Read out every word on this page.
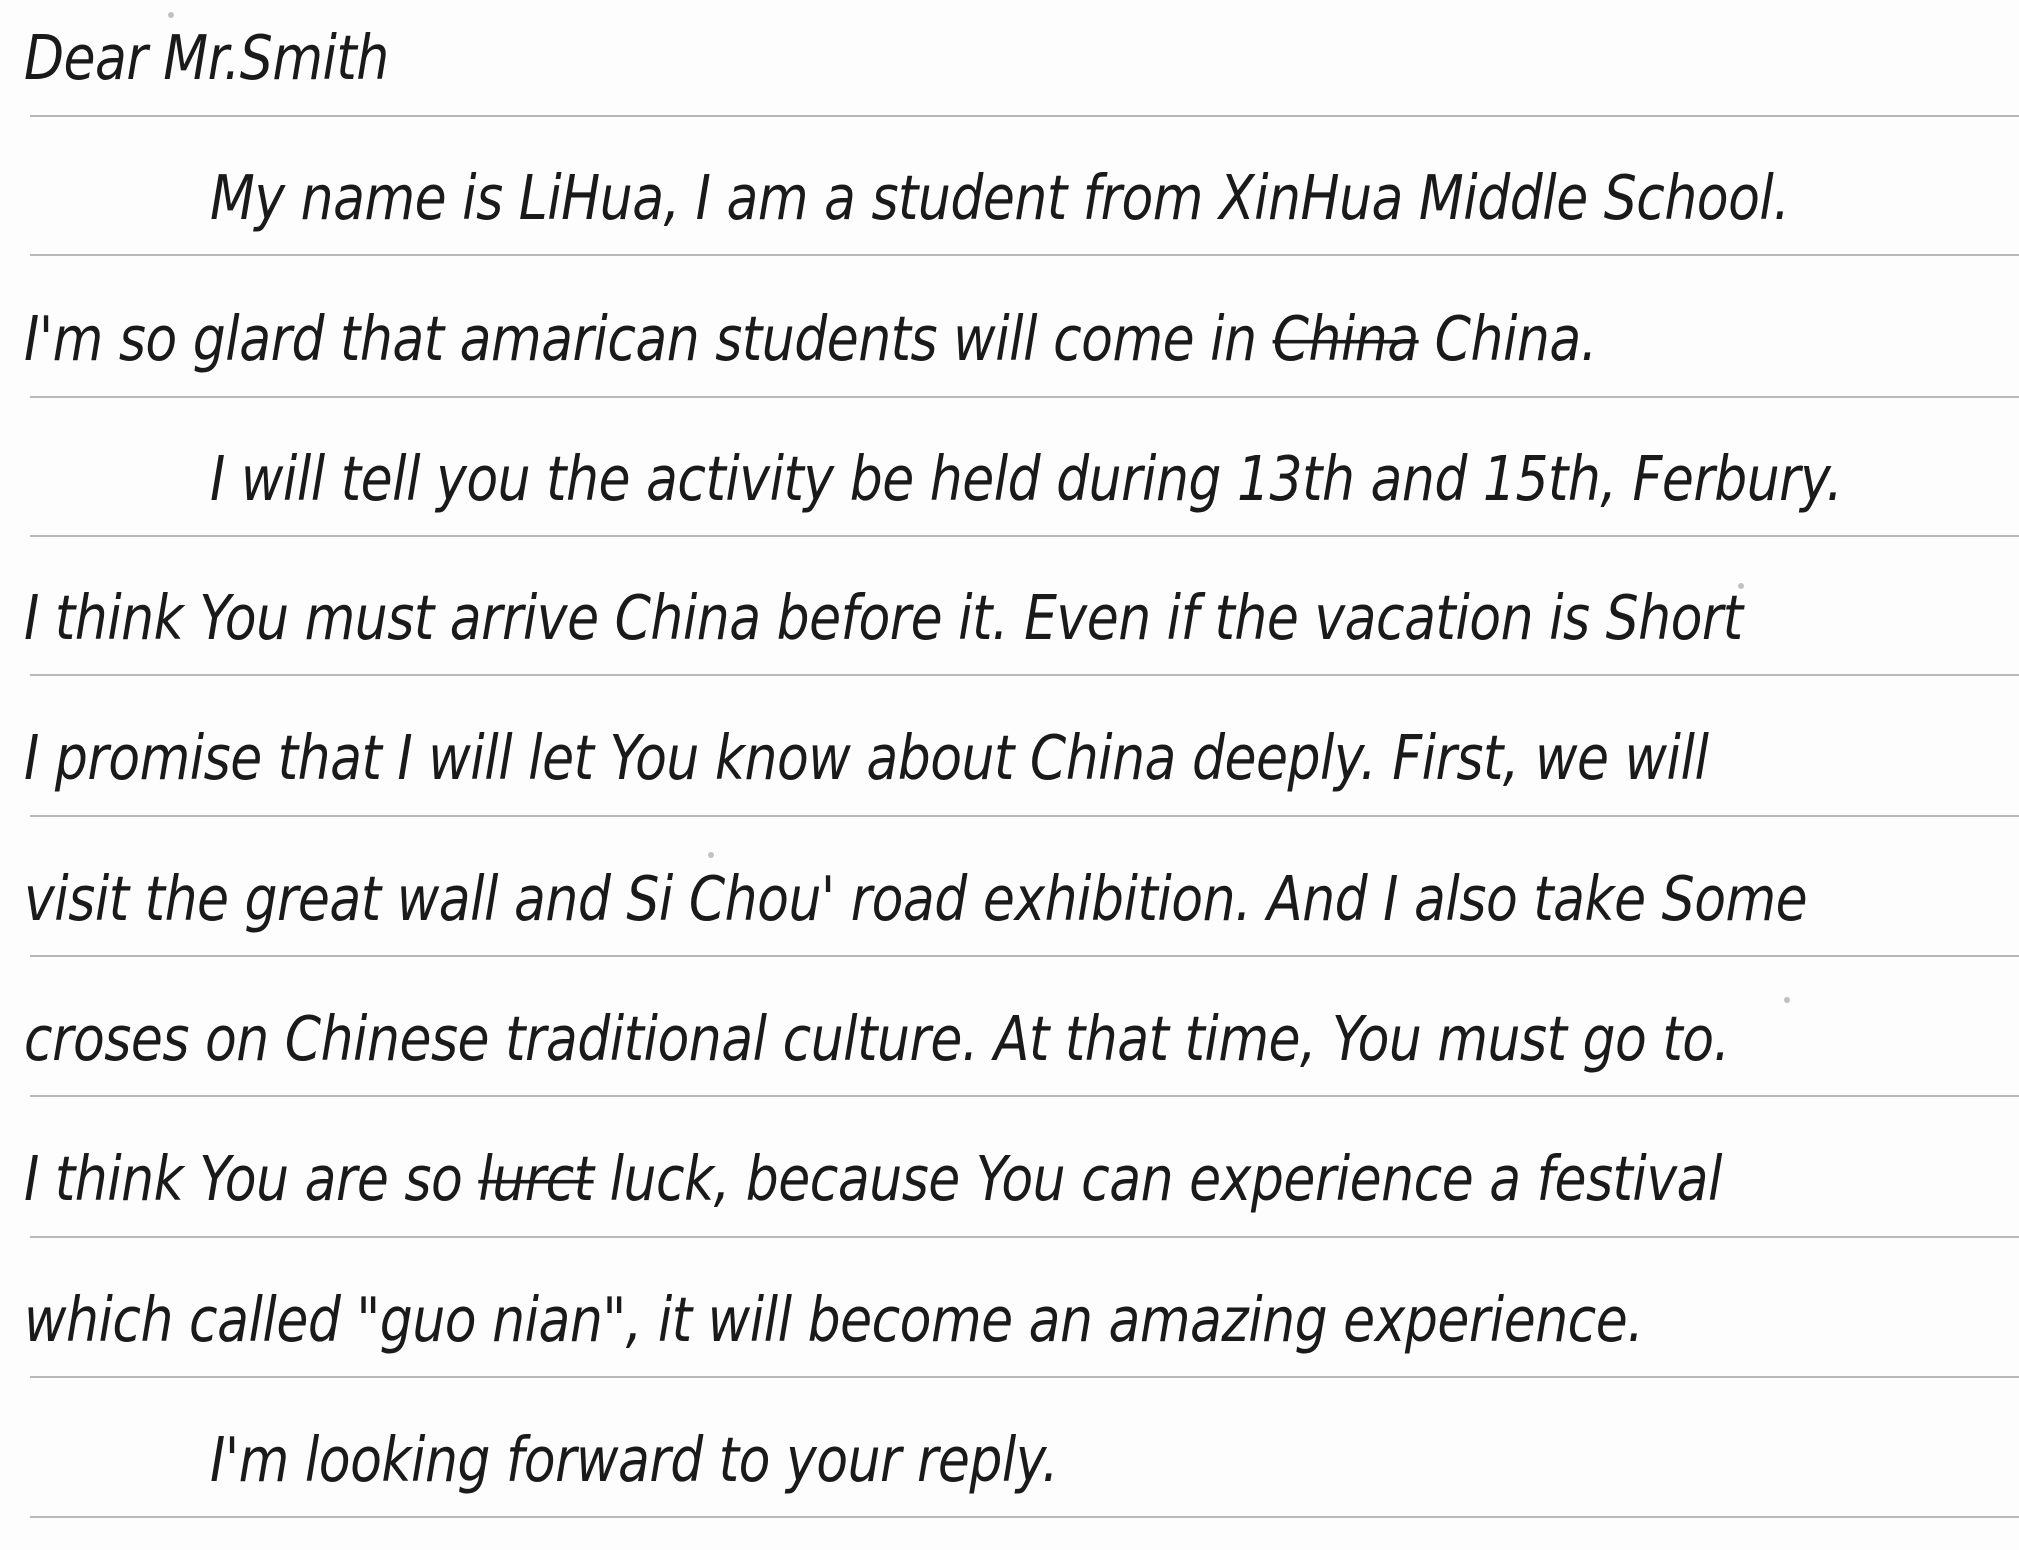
Dear Mr.Smith
My name is LiHua, I am a student from XinHua Middle School.
I'm so glard that amarican students will come in China China.
I will tell you the activity be held during 13th and 15th, Ferbury.
I think You must arrive China before it. Even if the vacation is Short
I promise that I will let You know about China deeply. First, we will
visit the great wall and Si Chou' road exhibition. And I also take Some
croses on Chinese traditional culture. At that time, You must go to.
I think You are so lurct luck, because You can experience a festival
which called "guo nian", it will become an amazing experience.
I'm looking forward to your reply.
